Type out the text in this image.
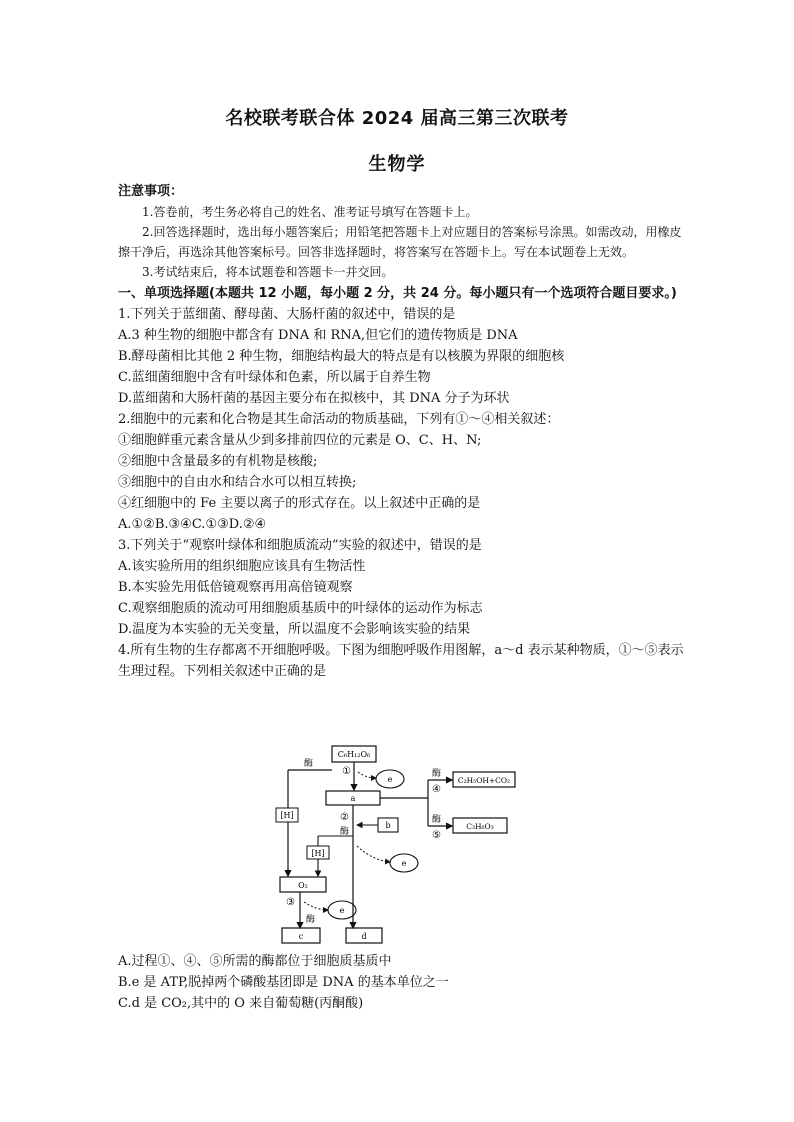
名校联考联合体 2024 届高三第三次联考
生物学

注意事项：

1.答卷前，考生务必将自己的姓名、准考证号填写在答题卡上。

2.回答选择题时，选出每小题答案后；用铅笔把答题卡上对应题目的答案标号涂黑。如需改动，用橡皮擦干净后，再选涂其他答案标号。回答非选择题时，将答案写在答题卡上。写在本试题卷上无效。

3.考试结束后，将本试题卷和答题卡一并交回。

一、单项选择题(本题共 12 小题，每小题 2 分，共 24 分。每小题只有一个选项符合题目要求。)

1.下列关于蓝细菌、酵母菌、大肠杆菌的叙述中，错误的是

A.3 种生物的细胞中都含有 DNA 和 RNA,但它们的遗传物质是 DNA

B.酵母菌相比其他 2 种生物，细胞结构最大的特点是有以核膜为界限的细胞核

C.蓝细菌细胞中含有叶绿体和色素，所以属于自养生物

D.蓝细菌和大肠杆菌的基因主要分布在拟核中，其 DNA 分子为环状

2.细胞中的元素和化合物是其生命活动的物质基础，下列有①～④相关叙述：

①细胞鲜重元素含量从少到多排前四位的元素是 O、C、H、N;

②细胞中含量最多的有机物是核酸;

③细胞中的自由水和结合水可以相互转换;

④红细胞中的 Fe 主要以离子的形式存在。以上叙述中正确的是

A.①②B.③④C.①③D.②④

3.下列关于“观察叶绿体和细胞质流动”实验的叙述中，错误的是

A.该实验所用的组织细胞应该具有生物活性

B.本实验先用低倍镜观察再用高倍镜观察

C.观察细胞质的流动可用细胞质基质中的叶绿体的运动作为标志

D.温度为本实验的无关变量，所以温度不会影响该实验的结果

4.所有生物的生存都离不开细胞呼吸。下图为细胞呼吸作用图解，a～d 表示某种物质，①～⑤表示生理过程。下列相关叙述中正确的是

C₆H₁₂O₆
①
e
a
酶
④
酶
⑤
C₂H₅OH+CO₂
C₃H₆O₃
酶
[H]	②
酶
b
[H]
e
O₂
③
酶
e
c	d

A.过程①、④、⑤所需的酶都位于细胞质基质中

B.e 是 ATP,脱掉两个磷酸基团即是 DNA 的基本单位之一

C.d 是 CO₂,其中的 O 来自葡萄糖(丙酮酸)
